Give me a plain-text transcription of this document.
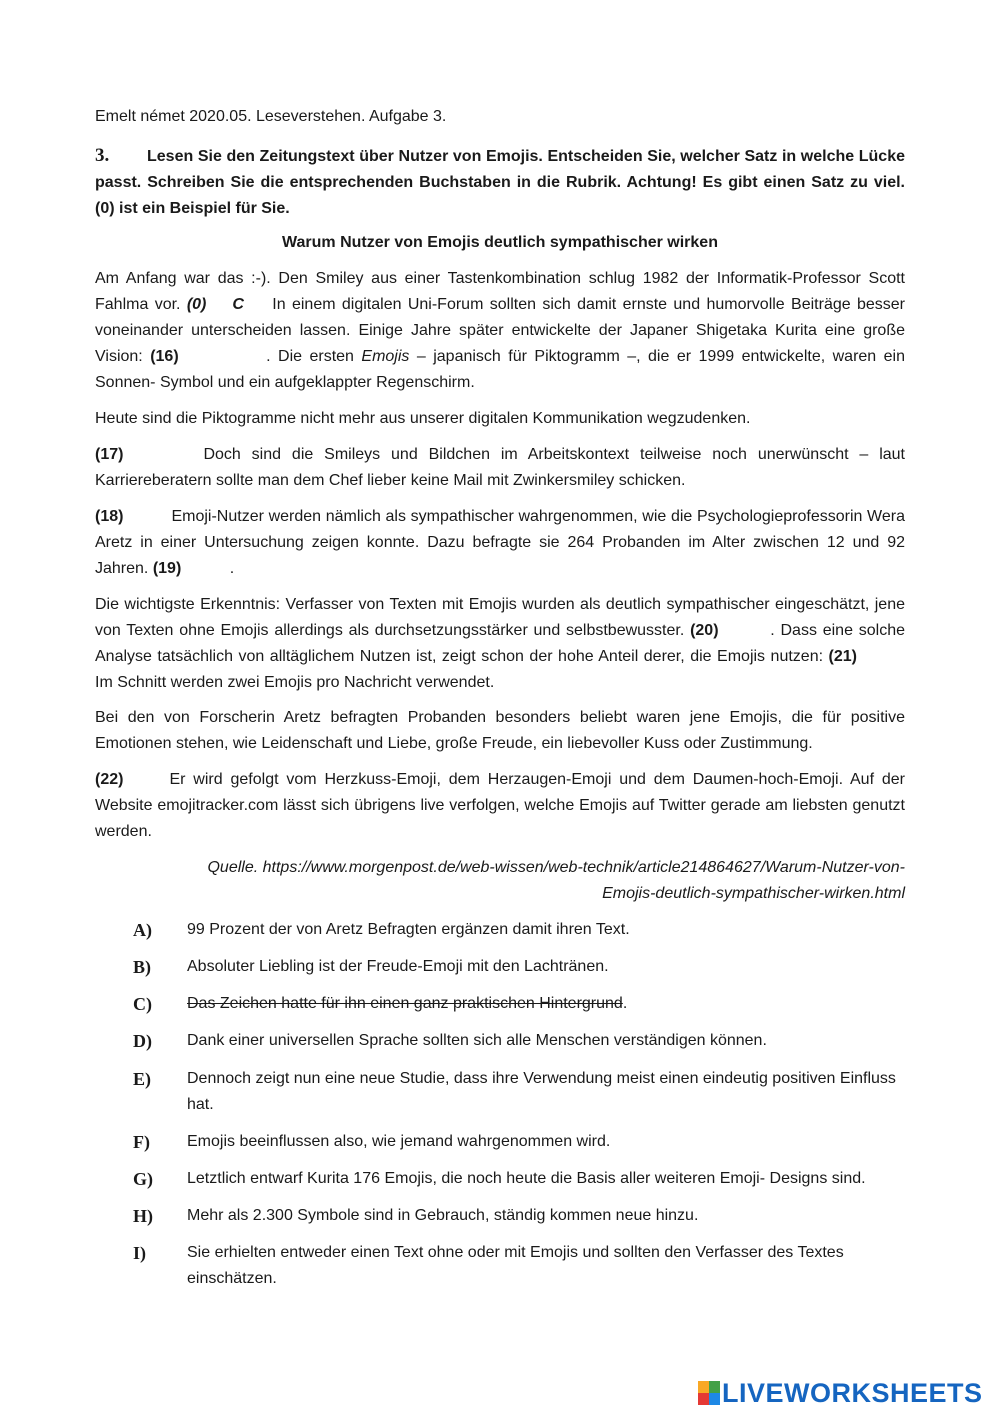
Emelt német 2020.05. Leseverstehen. Aufgabe 3.
3. Lesen Sie den Zeitungstext über Nutzer von Emojis. Entscheiden Sie, welcher Satz in welche Lücke passt. Schreiben Sie die entsprechenden Buchstaben in die Rubrik. Achtung! Es gibt einen Satz zu viel. (0) ist ein Beispiel für Sie.
Warum Nutzer von Emojis deutlich sympathischer wirken
Am Anfang war das :-). Den Smiley aus einer Tastenkombination schlug 1982 der Informatik-Professor Scott Fahlma vor. (0) C In einem digitalen Uni-Forum sollten sich damit ernste und humorvolle Beiträge besser voneinander unterscheiden lassen. Einige Jahre später entwickelte der Japaner Shigetaka Kurita eine große Vision: (16)	. Die ersten Emojis – japanisch für Piktogramm –, die er 1999 entwickelte, waren ein Sonnen- Symbol und ein aufgeklappter Regenschirm.
Heute sind die Piktogramme nicht mehr aus unserer digitalen Kommunikation wegzudenken.
(17)	Doch sind die Smileys und Bildchen im Arbeitskontext teilweise noch unerwünscht – laut Karriereberatern sollte man dem Chef lieber keine Mail mit Zwinkersmiley schicken.
(18)	Emoji-Nutzer werden nämlich als sympathischer wahrgenommen, wie die Psychologieprofessorin Wera Aretz in einer Untersuchung zeigen konnte. Dazu befragte sie 264 Probanden im Alter zwischen 12 und 92 Jahren. (19)	.
Die wichtigste Erkenntnis: Verfasser von Texten mit Emojis wurden als deutlich sympathischer eingeschätzt, jene von Texten ohne Emojis allerdings als durchsetzungsstärker und selbstbewusster. (20)	. Dass eine solche Analyse tatsächlich von alltäglichem Nutzen ist, zeigt schon der hohe Anteil derer, die Emojis nutzen: (21)Im Schnitt werden zwei Emojis pro Nachricht verwendet.
Bei den von Forscherin Aretz befragten Probanden besonders beliebt waren jene Emojis, die für positive Emotionen stehen, wie Leidenschaft und Liebe, große Freude, ein liebevoller Kuss oder Zustimmung.
(22)	Er wird gefolgt vom Herzkuss-Emoji, dem Herzaugen-Emoji und dem Daumen-hoch-Emoji. Auf der Website emojitracker.com lässt sich übrigens live verfolgen, welche Emojis auf Twitter gerade am liebsten genutzt werden.
Quelle. https://www.morgenpost.de/web-wissen/web-technik/article214864627/Warum-Nutzer-von-
Emojis-deutlich-sympathischer-wirken.html
A) 99 Prozent der von Aretz Befragten ergänzen damit ihren Text.
B) Absoluter Liebling ist der Freude-Emoji mit den Lachtränen.
C) Das Zeichen hatte für ihn einen ganz praktischen Hintergrund.
D) Dank einer universellen Sprache sollten sich alle Menschen verständigen können.
E) Dennoch zeigt nun eine neue Studie, dass ihre Verwendung meist einen eindeutig positiven Einfluss hat.
F) Emojis beeinflussen also, wie jemand wahrgenommen wird.
G) Letztlich entwarf Kurita 176 Emojis, die noch heute die Basis aller weiteren Emoji- Designs sind.
H) Mehr als 2.300 Symbole sind in Gebrauch, ständig kommen neue hinzu.
I)	Sie erhielten entweder einen Text ohne oder mit Emojis und sollten den Verfasser des Textes einschätzen.
LIVEWORKSHEETS
